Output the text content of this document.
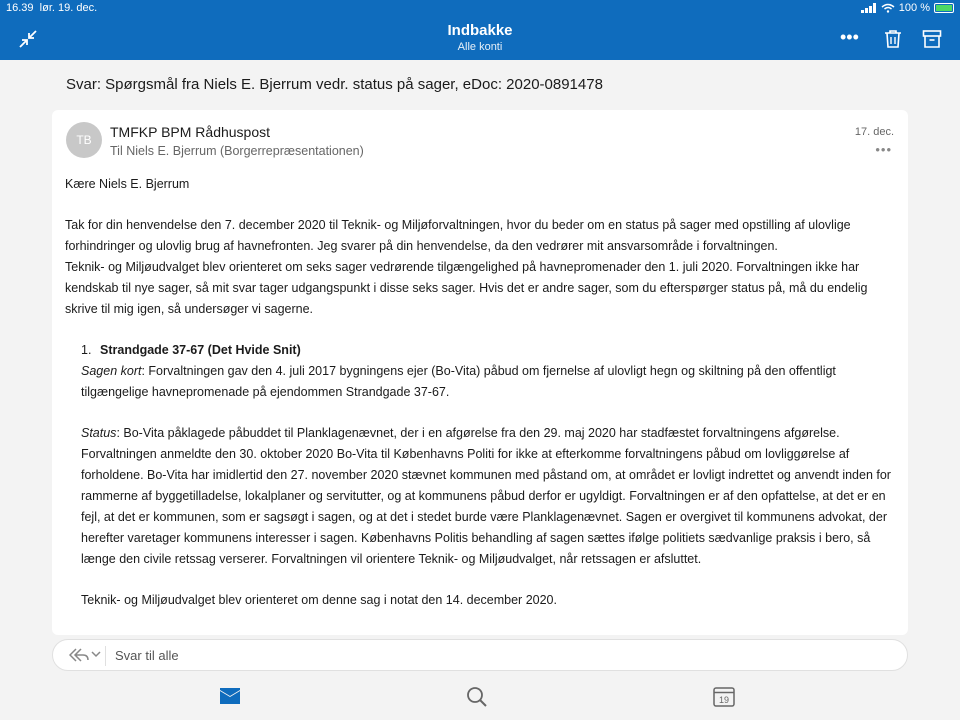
16.39 lør. 19. dec.	100 %
Indbakke
Alle konti	•••
Svar: Spørgsmål fra Niels E. Bjerrum vedr. status på sager, eDoc: 2020-0891478
TB	TMFKP BPM Rådhuspost
Til Niels E. Bjerrum (Borgerrepræsentationen)
17. dec.
•••

Kære Niels E. Bjerrum

Tak for din henvendelse den 7. december 2020 til Teknik- og Miljøforvaltningen, hvor du beder om en status på sager med opstilling af ulovlige forhindringer og ulovlig brug af havnefronten. Jeg svarer på din henvendelse, da den vedrører mit ansvarsområde i forvaltningen.

Teknik- og Miljøudvalget blev orienteret om seks sager vedrørende tilgængelighed på havnepromenader den 1. juli 2020. Forvaltningen ikke har kendskab til nye sager, så mit svar tager udgangspunkt i disse seks sager. Hvis det er andre sager, som du efterspørger status på, må du endelig skrive til mig igen, så undersøger vi sagerne.

1. Strandgade 37-67 (Det Hvide Snit)

Sagen kort: Forvaltningen gav den 4. juli 2017 bygningens ejer (Bo-Vita) påbud om fjernelse af ulovligt hegn og skiltning på den offentligt tilgængelige havnepromenade på ejendommen Strandgade 37-67.

Status: Bo-Vita påklagede påbuddet til Planklagenævnet, der i en afgørelse fra den 29. maj 2020 har stadfæstet forvaltningens afgørelse. Forvaltningen anmeldte den 30. oktober 2020 Bo-Vita til Københavns Politi for ikke at efterkomme forvaltningens påbud om lovliggørelse af forholdene. Bo-Vita har imidlertid den 27. november 2020 stævnet kommunen med påstand om, at området er lovligt indrettet og anvendt inden for rammerne af byggetilladelse, lokalplaner og servitutter, og at kommunens påbud derfor er ugyldigt. Forvaltningen er af den opfattelse, at det er en fejl, at det er kommunen, som er sagsøgt i sagen, og at det i stedet burde være Planklagenævnet. Sagen er overgivet til kommunens advokat, der herefter varetager kommunens interesser i sagen. Københavns Politis behandling af sagen sættes ifølge politiets sædvanlige praksis i bero, så længe den civile retssag verserer. Forvaltningen vil orientere Teknik- og Miljøudvalget, når retssagen er afsluttet.

Teknik- og Miljøudvalget blev orienteret om denne sag i notat den 14. december 2020.

Svar til alle
19
